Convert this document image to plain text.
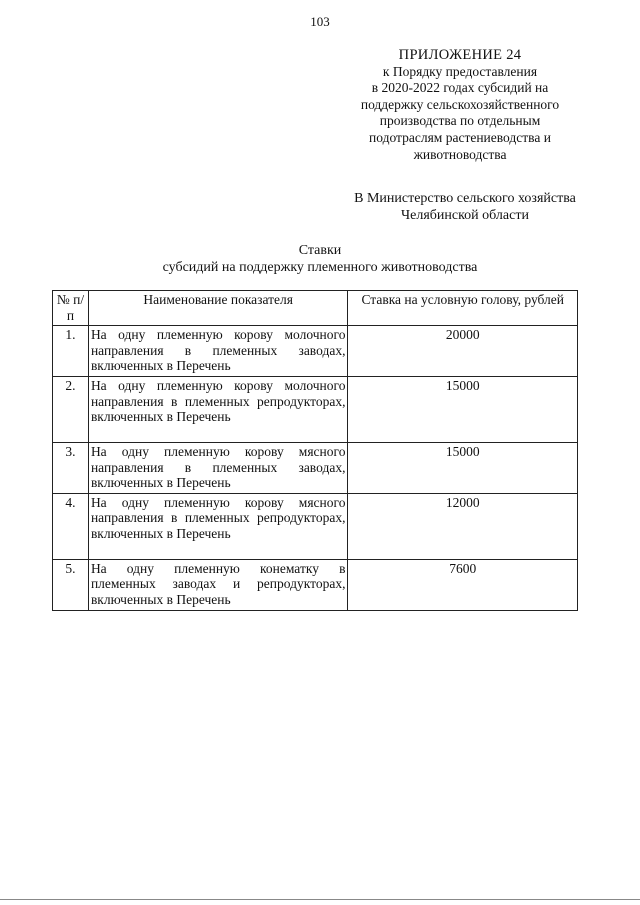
103
ПРИЛОЖЕНИЕ 24
к Порядку предоставления
в 2020-2022 годах субсидий на
поддержку сельскохозяйственного
производства по отдельным
подотраслям растениеводства и
животноводства
В Министерство сельского хозяйства
Челябинской области
Ставки
субсидий на поддержку племенного животноводства
№ п/п	Наименование показателя	Ставка на условную голову, рублей
1.	На одну племенную корову молочного направления в племенных заводах, включенных в Перечень	20000
2.	На одну племенную корову молочного направления в племенных репродукторах, включенных в Перечень	15000
3.	На одну племенную корову мясного направления в племенных заводах, включенных в Перечень	15000
4.	На одну племенную корову мясного направления в племенных репродукторах, включенных в Перечень	12000
5.	На одну племенную конематку в племенных заводах и репродукторах, включенных в Перечень	7600
